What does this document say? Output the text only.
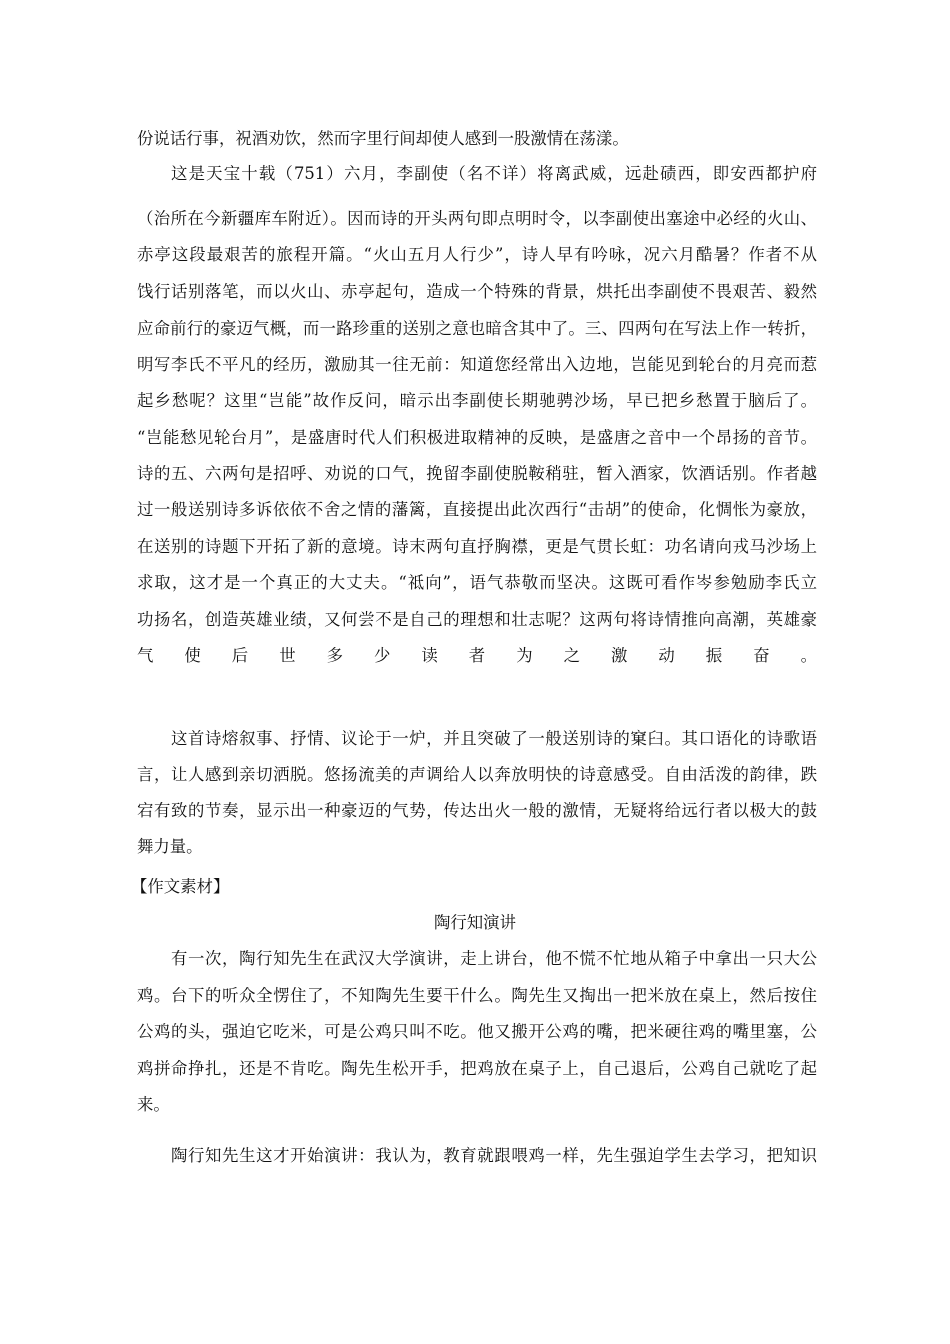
份说话行事，祝酒劝饮，然而字里行间却使人感到一股激情在荡漾。
这是天宝十载（751）六月，李副使（名不详）将离武威，远赴碛西，即安西都护府
（治所在今新疆库车附近）。因而诗的开头两句即点明时令，以李副使出塞途中必经的火山、
赤亭这段最艰苦的旅程开篇。“火山五月人行少”，诗人早有吟咏，况六月酷暑？作者不从
饯行话别落笔，而以火山、赤亭起句，造成一个特殊的背景，烘托出李副使不畏艰苦、毅然
应命前行的豪迈气概，而一路珍重的送别之意也暗含其中了。三、四两句在写法上作一转折，
明写李氏不平凡的经历，激励其一往无前：知道您经常出入边地，岂能见到轮台的月亮而惹
起乡愁呢？这里“岂能”故作反问，暗示出李副使长期驰骋沙场，早已把乡愁置于脑后了。
“岂能愁见轮台月”，是盛唐时代人们积极进取精神的反映，是盛唐之音中一个昂扬的音节。
诗的五、六两句是招呼、劝说的口气，挽留李副使脱鞍稍驻，暂入酒家，饮酒话别。作者越
过一般送别诗多诉依依不舍之情的藩篱，直接提出此次西行“击胡”的使命，化惆怅为豪放，
在送别的诗题下开拓了新的意境。诗末两句直抒胸襟，更是气贯长虹：功名请向戎马沙场上
求取，这才是一个真正的大丈夫。“祗向”，语气恭敬而坚决。这既可看作岑参勉励李氏立
功扬名，创造英雄业绩，又何尝不是自己的理想和壮志呢？这两句将诗情推向高潮，英雄豪
气使后世多少读者为之激动振奋。
这首诗熔叙事、抒情、议论于一炉，并且突破了一般送别诗的窠臼。其口语化的诗歌语
言，让人感到亲切洒脱。悠扬流美的声调给人以奔放明快的诗意感受。自由活泼的韵律，跌
宕有致的节奏，显示出一种豪迈的气势，传达出火一般的激情，无疑将给远行者以极大的鼓
舞力量。
【作文素材】
陶行知演讲
有一次，陶行知先生在武汉大学演讲，走上讲台，他不慌不忙地从箱子中拿出一只大公
鸡。台下的听众全愣住了，不知陶先生要干什么。陶先生又掏出一把米放在桌上，然后按住
公鸡的头，强迫它吃米，可是公鸡只叫不吃。他又搬开公鸡的嘴，把米硬往鸡的嘴里塞，公
鸡拼命挣扎，还是不肯吃。陶先生松开手，把鸡放在桌子上，自己退后，公鸡自己就吃了起
来。
陶行知先生这才开始演讲：我认为，教育就跟喂鸡一样，先生强迫学生去学习，把知识
